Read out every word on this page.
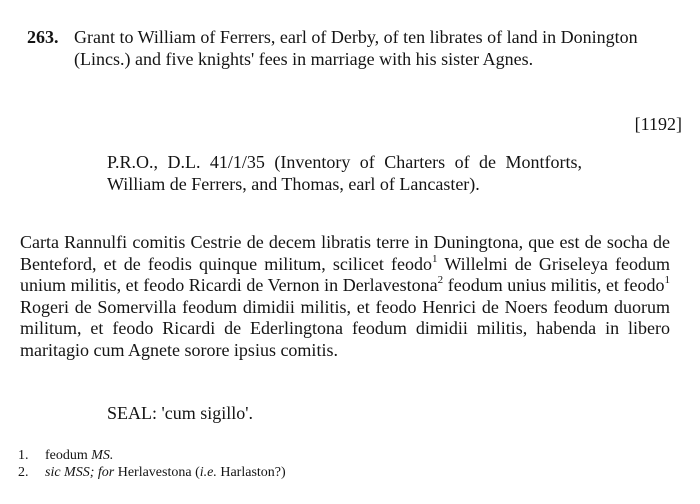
263. Grant to William of Ferrers, earl of Derby, of ten librates of land in Donington (Lincs.) and five knights' fees in marriage with his sister Agnes.
[1192]
P.R.O., D.L. 41/1/35 (Inventory of Charters of de Montforts, William de Ferrers, and Thomas, earl of Lancaster).
Carta Rannulfi comitis Cestrie de decem libratis terre in Duningtona, que est de socha de Benteford, et de feodis quinque militum, scilicet feodo$^1$ Willelmi de Griseleya feodum unium militis, et feodo Ricardi de Vernon in Derlavestona$^2$ feodum unius militis, et feodo$^1$ Rogeri de Somervilla feodum dimidii militis, et feodo Henrici de Noers feodum duorum militum, et feodo Ricardi de Ederlingtona feodum dimidii militis, habenda in libero maritagio cum Agnete sorore ipsius comitis.
SEAL: 'cum sigillo'.
1.	feodum MS.
2.	sic MSS; for Herlavestona (i.e. Harlaston?)
